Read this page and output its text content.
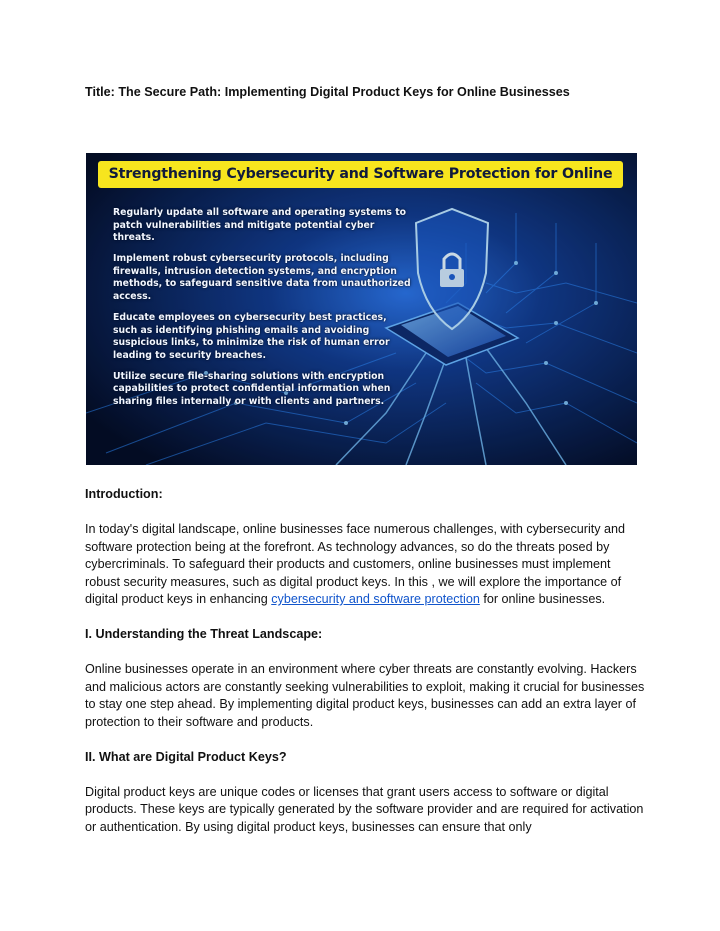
Title: The Secure Path: Implementing Digital Product Keys for Online Businesses
Strengthening Cybersecurity and Software Protection for Online

Regularly update all software and operating systems to patch vulnerabilities and mitigate potential cyber threats.

Implement robust cybersecurity protocols, including firewalls, intrusion detection systems, and encryption methods, to safeguard sensitive data from unauthorized access.

Educate employees on cybersecurity best practices, such as identifying phishing emails and avoiding suspicious links, to minimize the risk of human error leading to security breaches.

Utilize secure file-sharing solutions with encryption capabilities to protect confidential information when sharing files internally or with clients and partners.

Introduction:

In today's digital landscape, online businesses face numerous challenges, with cybersecurity and software protection being at the forefront. As technology advances, so do the threats posed by cybercriminals. To safeguard their products and customers, online businesses must implement robust security measures, such as digital product keys. In this , we will explore the importance of digital product keys in enhancing cybersecurity and software protection for online businesses.

I. Understanding the Threat Landscape:

Online businesses operate in an environment where cyber threats are constantly evolving. Hackers and malicious actors are constantly seeking vulnerabilities to exploit, making it crucial for businesses to stay one step ahead. By implementing digital product keys, businesses can add an extra layer of protection to their software and products.

II. What are Digital Product Keys?

Digital product keys are unique codes or licenses that grant users access to software or digital products. These keys are typically generated by the software provider and are required for activation or authentication. By using digital product keys, businesses can ensure that only
